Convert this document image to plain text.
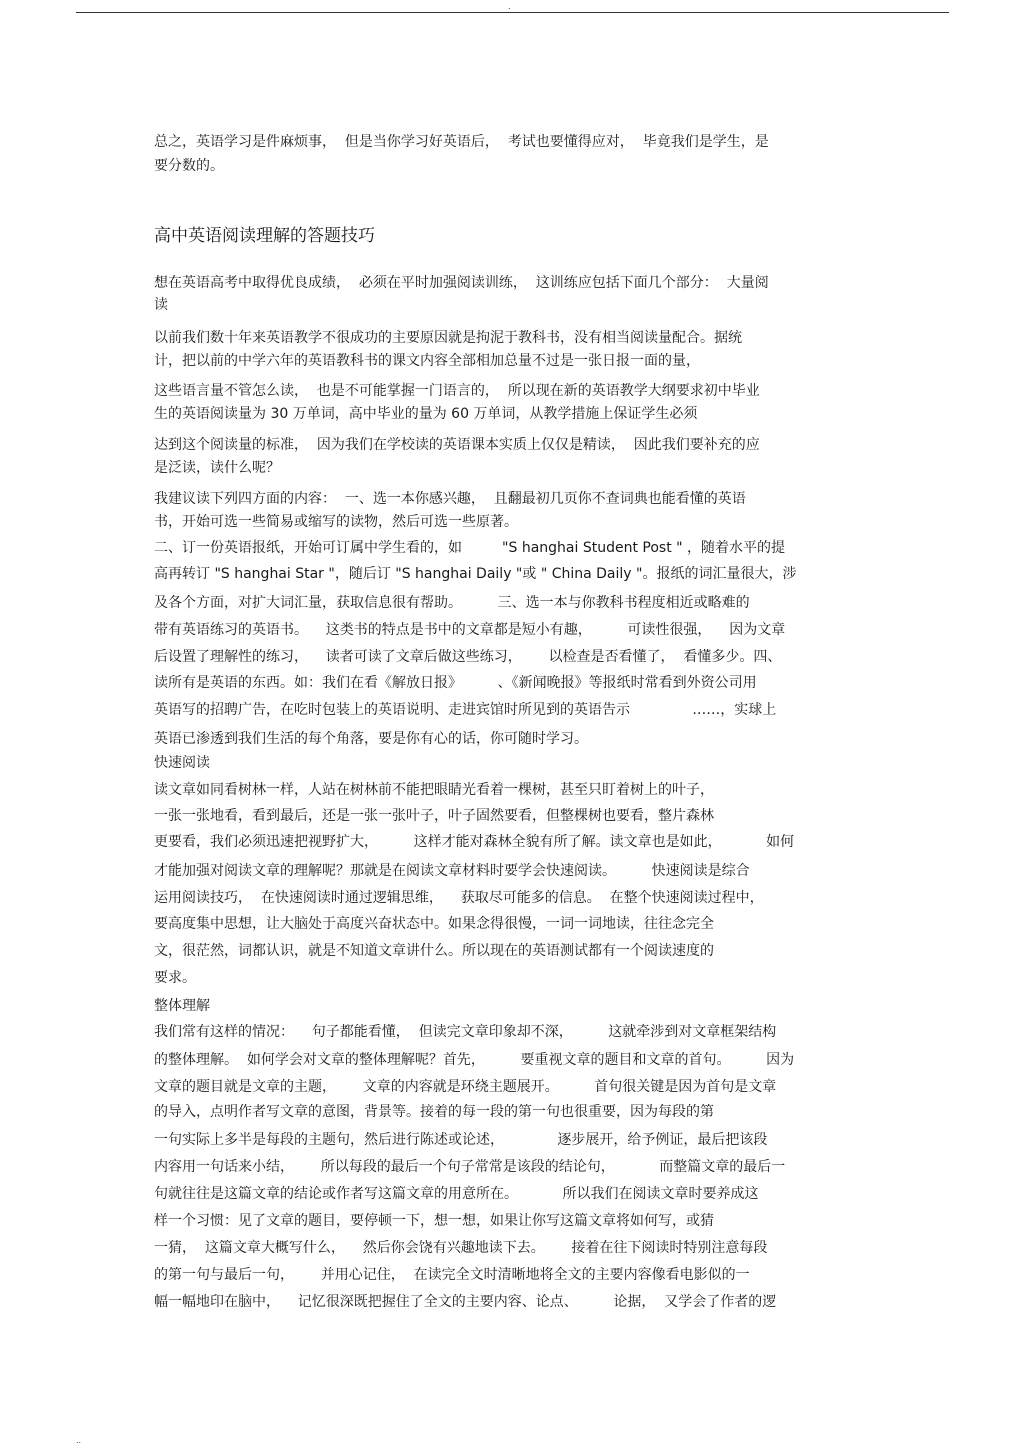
.
总之，英语学习是件麻烦事，  但是当你学习好英语后，  考试也要懂得应对，  毕竟我们是学生，是
要分数的。
高中英语阅读理解的答题技巧
想在英语高考中取得优良成绩，  必须在平时加强阅读训练，  这训练应包括下面几个部分：  大量阅
读
以前我们数十年来英语教学不很成功的主要原因就是拘泥于教科书，没有相当阅读量配合。据统
计，把以前的中学六年的英语教科书的课文内容全部相加总量不过是一张日报一面的量，
这些语言量不管怎么读，  也是不可能掌握一门语言的，  所以现在新的英语教学大纲要求初中毕业
生的英语阅读量为 30 万单词，高中毕业的量为 60 万单词，从教学措施上保证学生必须
达到这个阅读量的标准，  因为我们在学校读的英语课本实质上仅仅是精读，  因此我们要补充的应
是泛读，读什么呢？
我建议读下列四方面的内容：  一、选一本你感兴趣，  且翻最初几页你不查词典也能看懂的英语
书，开始可选一些简易或缩写的读物，然后可选一些原著。
二、订一份英语报纸，开始可订属中学生看的，如         "S hanghai Student Post " ，随着水平的提
高再转订 "S hanghai Star "，随后订 "S hanghai Daily "或 " China Daily "。报纸的词汇量很大，涉
及各个方面，对扩大词汇量，获取信息很有帮助。        三、选一本与你教科书程度相近或略难的
带有英语练习的英语书。    这类书的特点是书中的文章都是短小有趣，        可读性很强，    因为文章
后设置了理解性的练习，    读者可读了文章后做这些练习，      以检查是否看懂了，  看懂多少。四、
读所有是英语的东西。如：我们在看《解放日报》        、《新闻晚报》等报纸时常看到外资公司用
英语写的招聘广告，在吃时包装上的英语说明、走进宾馆时所见到的英语告示              ……，实球上
英语已渗透到我们生活的每个角落，要是你有心的话，你可随时学习。
快速阅读
读文章如同看树林一样，人站在树林前不能把眼睛光看着一棵树，甚至只盯着树上的叶子，
一张一张地看，看到最后，还是一张一张叶子，叶子固然要看，但整棵树也要看，整片森林
更要看，我们必须迅速把视野扩大，        这样才能对森林全貌有所了解。读文章也是如此，          如何
才能加强对阅读文章的理解呢？那就是在阅读文章材料时要学会快速阅读。        快速阅读是综合
运用阅读技巧，  在快速阅读时通过逻辑思维，    获取尽可能多的信息。  在整个快速阅读过程中，
要高度集中思想，让大脑处于高度兴奋状态中。如果念得很慢，一词一词地读，往往念完全
文，很茫然，词都认识，就是不知道文章讲什么。所以现在的英语测试都有一个阅读速度的
要求。
整体理解
我们常有这样的情况：    句子都能看懂，  但读完文章印象却不深，        这就牵涉到对文章框架结构
的整体理解。  如何学会对文章的整体理解呢？首先，        要重视文章的题目和文章的首句。        因为
文章的题目就是文章的主题，      文章的内容就是环绕主题展开。        首句很关键是因为首句是文章
的导入，点明作者写文章的意图，背景等。接着的每一段的第一句也很重要，因为每段的第
一句实际上多半是每段的主题句，然后进行陈述或论述，            逐步展开，给予例证，最后把该段
内容用一句话来小结，      所以每段的最后一个句子常常是该段的结论句，          而整篇文章的最后一
句就往往是这篇文章的结论或作者写这篇文章的用意所在。          所以我们在阅读文章时要养成这
样一个习惯：见了文章的题目，要停顿一下，想一想，如果让你写这篇文章将如何写，或猜
一猜，  这篇文章大概写什么，    然后你会饶有兴趣地读下去。      接着在往下阅读时特别注意每段
的第一句与最后一句，      并用心记住，  在读完全文时清晰地将全文的主要内容像看电影似的一
幅一幅地印在脑中，    记忆很深既把握住了全文的主要内容、论点、        论据，  又学会了作者的逻
..
